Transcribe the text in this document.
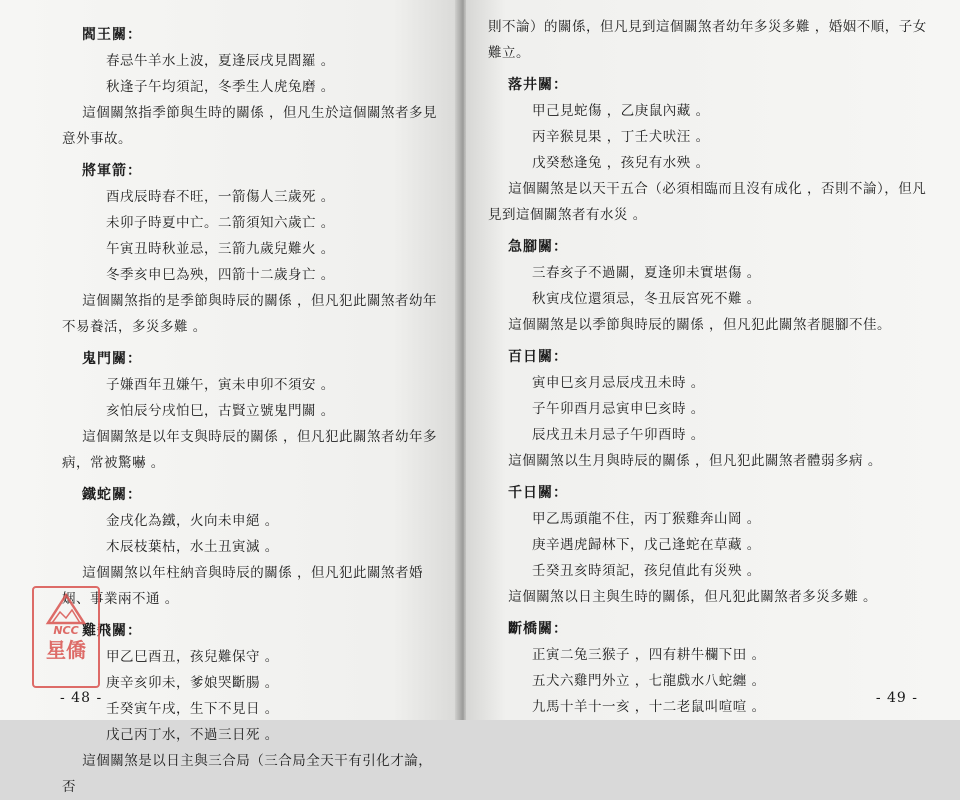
閻王關：
春忌牛羊水上波，夏逢辰戌見閻羅 。
秋逢子午均須記，冬季生人虎兔磨 。

這個關煞指季節與生時的關係 ，但凡生於這個關煞者多見意外事故。

將軍箭：
酉戌辰時春不旺，一箭傷人三歲死 。
未卯子時夏中亡。二箭須知六歲亡 。
午寅丑時秋並忌，三箭九歲兒難火 。
冬季亥申巳為殃，四箭十二歲身亡 。

這個關煞指的是季節與時辰的關係 ，但凡犯此關煞者幼年不易養活，多災多難 。

鬼門關：
子嫌酉年丑嫌午，寅未申卯不須安 。
亥怕辰兮戌怕巳，古賢立號鬼門關 。

這個關煞是以年支與時辰的關係 ，但凡犯此關煞者幼年多病，常被驚嚇 。

鐵蛇關：
金戌化為鐵，火向未申絕 。
木辰枝葉枯，水土丑寅滅 。

這個關煞以年柱納音與時辰的關係 ，但凡犯此關煞者婚姻、事業兩不通 。

雞飛關：
甲乙巳酉丑，孩兒難保守 。
庚辛亥卯未，爹娘哭斷腸 。
壬癸寅午戌，生下不見日 。
戊己丙丁水，不過三日死 。

這個關煞是以日主與三合局（三合局全天干有引化才論，否

- 48 -

則不論）的關係，但凡見到這個關煞者幼年多災多難 ，婚姻不順，子女難立。

落井關：
甲己見蛇傷 ，乙庚鼠內藏 。
丙辛猴見果 ，丁壬犬吠汪 。
戊癸愁逢兔 ，孩兒有水殃 。

這個關煞是以天干五合（必須相臨而且沒有成化 ，否則不論），但凡見到這個關煞者有水災 。

急腳關：
三春亥子不過關，夏逢卯未實堪傷 。
秋寅戌位還須忌，冬丑辰宮死不難 。

這個關煞是以季節與時辰的關係 ，但凡犯此關煞者腿腳不佳。

百日關：
寅申巳亥月忌辰戌丑未時 。
子午卯酉月忌寅申巳亥時 。
辰戌丑未月忌子午卯酉時 。

這個關煞以生月與時辰的關係 ，但凡犯此關煞者體弱多病 。

千日關：
甲乙馬頭龍不住，丙丁猴雞奔山岡 。
庚辛遇虎歸林下，戊己逢蛇在草藏 。
壬癸丑亥時須記，孩兒值此有災殃 。

這個關煞以日主與生時的關係，但凡犯此關煞者多災多難 。

斷橋關：
正寅二兔三猴子 ，四有耕牛欄下田 。
五犬六雞門外立 ，七龍戲水八蛇纏 。
九馬十羊十一亥 ，十二老鼠叫喧喧 。
- 49 -
NCC
星僑
